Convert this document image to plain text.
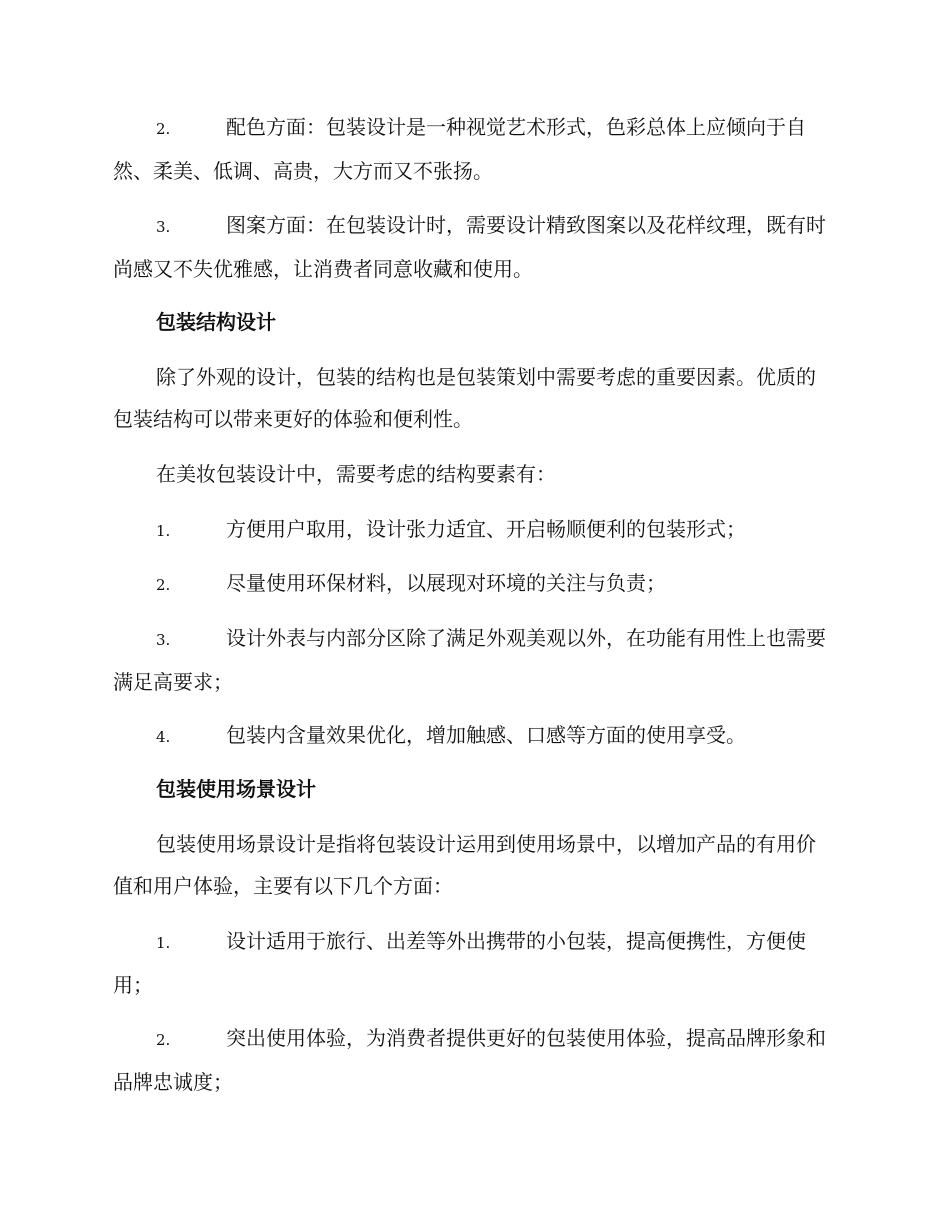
2.	配色方面：包装设计是一种视觉艺术形式，色彩总体上应倾向于自然、柔美、低调、高贵，大方而又不张扬。

3.	图案方面：在包装设计时，需要设计精致图案以及花样纹理，既有时尚感又不失优雅感，让消费者同意收藏和使用。

包装结构设计

除了外观的设计，包装的结构也是包装策划中需要考虑的重要因素。优质的包装结构可以带来更好的体验和便利性。

在美妆包装设计中，需要考虑的结构要素有：

1.	方便用户取用，设计张力适宜、开启畅顺便利的包装形式；

2.	尽量使用环保材料，以展现对环境的关注与负责；

3.	设计外表与内部分区除了满足外观美观以外，在功能有用性上也需要满足高要求；

4.	包装内含量效果优化，增加触感、口感等方面的使用享受。

包装使用场景设计

包装使用场景设计是指将包装设计运用到使用场景中，以增加产品的有用价值和用户体验，主要有以下几个方面：

1.	设计适用于旅行、出差等外出携带的小包装，提高便携性，方便使用；

2.	突出使用体验，为消费者提供更好的包装使用体验，提高品牌形象和品牌忠诚度；
